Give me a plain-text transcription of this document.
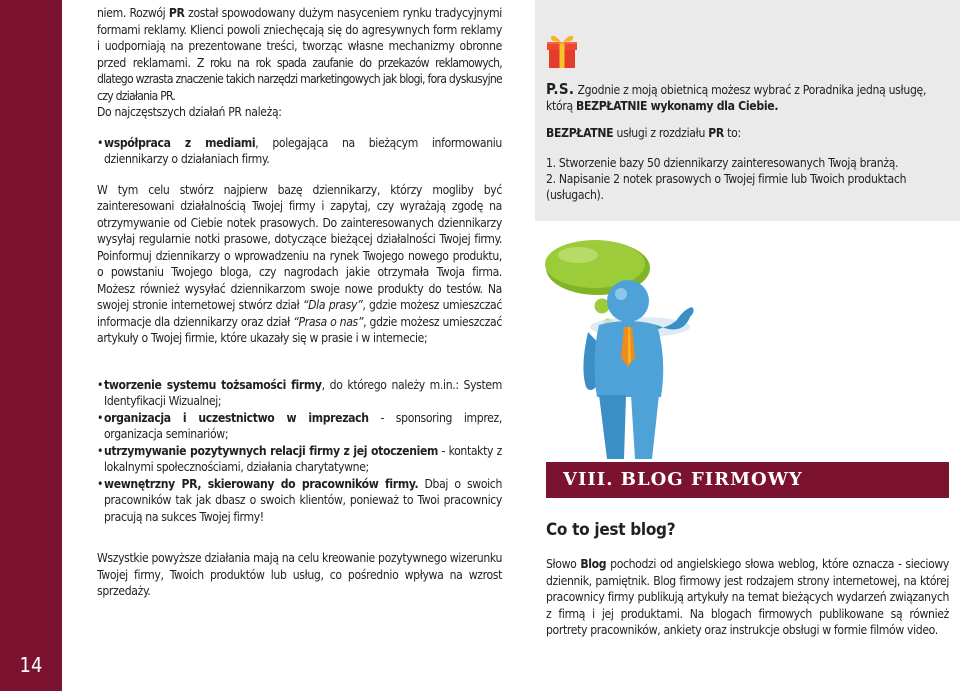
14

niem. Rozwój PR został spowodowany dużym nasyceniem rynku tradycyjnymi formami reklamy. Klienci powoli zniechęcają się do agresywnych form reklamy i uodporniają na prezentowane treści, tworząc własne mechanizmy obronne przed reklamami. Z roku na rok spada zaufanie do przekazów reklamowych, dlatego wzrasta znaczenie takich narzędzi marketingowych jak blogi, fora dyskusyjne czy działania PR.

Do najczęstszych działań PR należą:

• współpraca z mediami, polegająca na bieżącym informowaniu dziennikarzy o działaniach firmy.

W tym celu stwórz najpierw bazę dziennikarzy, którzy mogliby być zainteresowani działalnością Twojej firmy i zapytaj, czy wyrażają zgodę na otrzymywanie od Ciebie notek prasowych. Do zainteresowanych dziennikarzy wysyłaj regularnie notki prasowe, dotyczące bieżącej działalności Twojej firmy. Poinformuj dziennikarzy o wprowadzeniu na rynek Twojego nowego produktu, o powstaniu Twojego bloga, czy nagrodach jakie otrzymała Twoja firma. Możesz również wysyłać dziennikarzom swoje nowe produkty do testów. Na swojej stronie internetowej stwórz dział “Dla prasy”, gdzie możesz umieszczać informacje dla dziennikarzy oraz dział “Prasa o nas”, gdzie możesz umieszczać artykuły o Twojej firmie, które ukazały się w prasie i w internecie;

• tworzenie systemu tożsamości firmy, do którego należy m.in.: System Identyfikacji Wizualnej;

• organizacja i uczestnictwo w imprezach - sponsoring imprez, organizacja seminariów;

• utrzymywanie pozytywnych relacji firmy z jej otoczeniem - kontakty z lokalnymi społecznościami, działania charytatywne;

• wewnętrzny PR, skierowany do pracowników firmy. Dbaj o swoich pracowników tak jak dbasz o swoich klientów, ponieważ to Twoi pracownicy pracują na sukces Twojej firmy!

Wszystkie powyższe działania mają na celu kreowanie pozytywnego wizerunku Twojej firmy, Twoich produktów lub usług, co pośrednio wpływa na wzrost sprzedaży.

P.S. Zgodnie z moją obietnicą możesz wybrać z Poradnika jedną usługę, którą BEZPŁATNIE wykonamy dla Ciebie.

BEZPŁATNE usługi z rozdziału PR to:

1. Stworzenie bazy 50 dziennikarzy zainteresowanych Twoją branżą.

2. Napisanie 2 notek prasowych o Twojej firmie lub Twoich produktach (usługach).

VIII. BLOG FIRMOWY
Co to jest blog?

Słowo Blog pochodzi od angielskiego słowa weblog, które oznacza - sieciowy dziennik, pamiętnik. Blog firmowy jest rodzajem strony internetowej, na której pracownicy firmy publikują artykuły na temat bieżących wydarzeń związanych z firmą i jej produktami. Na blogach firmowych publikowane są również portrety pracowników, ankiety oraz instrukcje obsługi w formie filmów video.
